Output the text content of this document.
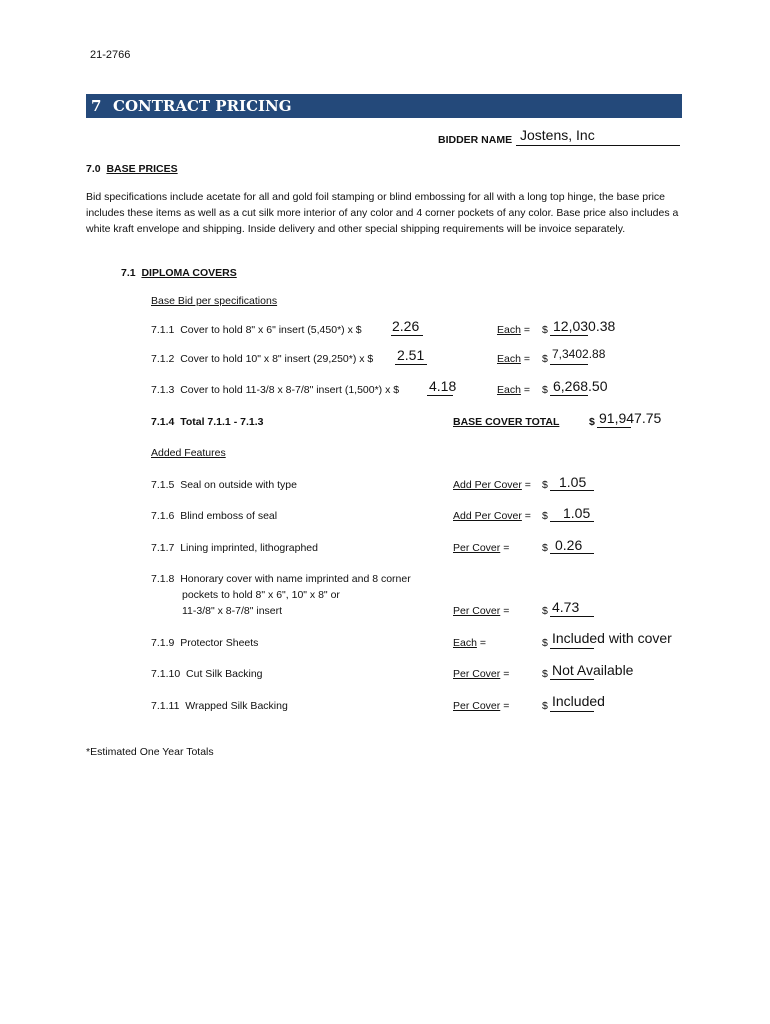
21-2766
7 CONTRACT PRICING
BIDDER NAME Jostens, Inc
7.0 BASE PRICES
Bid specifications include acetate for all and gold foil stamping or blind embossing for all with a long top hinge, the base price includes these items as well as a cut silk more interior of any color and 4 corner pockets of any color. Base price also includes a white kraft envelope and shipping. Inside delivery and other special shipping requirements will be invoice separately.
7.1 DIPLOMA COVERS
Base Bid per specifications
7.1.1 Cover to hold 8" x 6" insert (5,450*) x $ 2.26	Each = $ 12,030.38
7.1.2 Cover to hold 10" x 8" insert (29,250*) x $ 2.51	Each = $ 7,3402.88
7.1.3 Cover to hold 11-3/8 x 8-7/8" insert (1,500*) x $ 4.18	Each = $ 6,268.50
7.1.4 Total 7.1.1 - 7.1.3	BASE COVER TOTAL	$ 91,947.75
Added Features
7.1.5 Seal on outside with type	Add Per Cover = $ 1.05
7.1.6 Blind emboss of seal	Add Per Cover = $ 1.05
7.1.7 Lining imprinted, lithographed	Per Cover =	$ 0.26
7.1.8 Honorary cover with name imprinted and 8 corner
pockets to hold 8" x 6", 10" x 8" or
11-3/8" x 8-7/8" insert	Per Cover =	$ 4.73
7.1.9 Protector Sheets	Each =	$ Included with cover
7.1.10 Cut Silk Backing	Per Cover =	$ Not Available
7.1.11 Wrapped Silk Backing	Per Cover =	$ Included
*Estimated One Year Totals
